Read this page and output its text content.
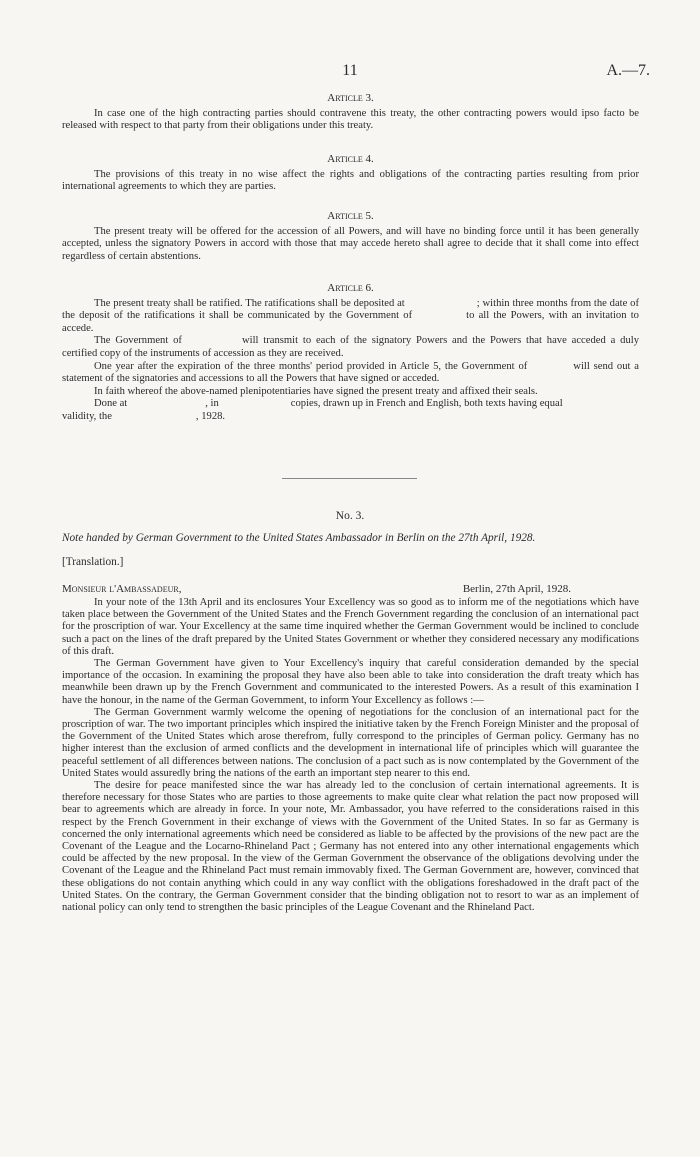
11	A.—7.

Article 3.

In case one of the high contracting parties should contravene this treaty, the other contracting powers would ipso facto be released with respect to that party from their obligations under this treaty.

Article 4.

The provisions of this treaty in no wise affect the rights and obligations of the contracting parties resulting from prior international agreements to which they are parties.

Article 5.

The present treaty will be offered for the accession of all Powers, and will have no binding force until it has been generally accepted, unless the signatory Powers in accord with those that may accede hereto shall agree to decide that it shall come into effect regardless of certain abstentions.

Article 6.

The present treaty shall be ratified. The ratifications shall be deposited at	; within three months from the date of the deposit of the ratifications it shall be communicated by the Government of	to all the Powers, with an invitation to accede.

The Government of	will transmit to each of the signatory Powers and the Powers that have acceded a duly certified copy of the instruments of accession as they are received.

One year after the expiration of the three months' period provided in Article 5, the Government of	will send out a statement of the signatories and accessions to all the Powers that have signed or acceded.

In faith whereof the above-named plenipotentiaries have signed the present treaty and affixed their seals.

Done at	, in	copies, drawn up in French and English, both texts having equal

validity, the	, 1928.

No. 3.
Note handed by German Government to the United States Ambassador in Berlin on the 27th April, 1928.
[Translation.]
Monsieur l'Ambassadeur,	Berlin, 27th April, 1928.

In your note of the 13th April and its enclosures Your Excellency was so good as to inform me of the negotiations which have taken place between the Government of the United States and the French Government regarding the conclusion of an international pact for the proscription of war. Your Excellency at the same time inquired whether the German Government would be inclined to conclude such a pact on the lines of the draft prepared by the United States Government or whether they considered necessary any modifications of this draft.

The German Government have given to Your Excellency's inquiry that careful consideration demanded by the special importance of the occasion. In examining the proposal they have also been able to take into consideration the draft treaty which has meanwhile been drawn up by the French Government and communicated to the interested Powers. As a result of this examination I have the honour, in the name of the German Government, to inform Your Excellency as follows :—

The German Government warmly welcome the opening of negotiations for the conclusion of an international pact for the proscription of war. The two important principles which inspired the initiative taken by the French Foreign Minister and the proposal of the Government of the United States which arose therefrom, fully correspond to the principles of German policy. Germany has no higher interest than the exclusion of armed conflicts and the development in international life of principles which will guarantee the peaceful settlement of all differences between nations. The conclusion of a pact such as is now contemplated by the Government of the United States would assuredly bring the nations of the earth an important step nearer to this end.

The desire for peace manifested since the war has already led to the conclusion of certain international agreements. It is therefore necessary for those States who are parties to those agreements to make quite clear what relation the pact now proposed will bear to agreements which are already in force. In your note, Mr. Ambassador, you have referred to the considerations raised in this respect by the French Government in their exchange of views with the Government of the United States. In so far as Germany is concerned the only international agreements which need be considered as liable to be affected by the provisions of the new pact are the Covenant of the League and the Locarno-Rhineland Pact ; Germany has not entered into any other international engagements which could be affected by the new proposal. In the view of the German Government the observance of the obligations devolving under the Covenant of the League and the Rhineland Pact must remain immovably fixed. The German Government are, however, convinced that these obligations do not contain anything which could in any way conflict with the obligations foreshadowed in the draft pact of the United States. On the contrary, the German Government consider that the binding obligation not to resort to war as an implement of national policy can only tend to strengthen the basic principles of the League Covenant and the Rhineland Pact.
